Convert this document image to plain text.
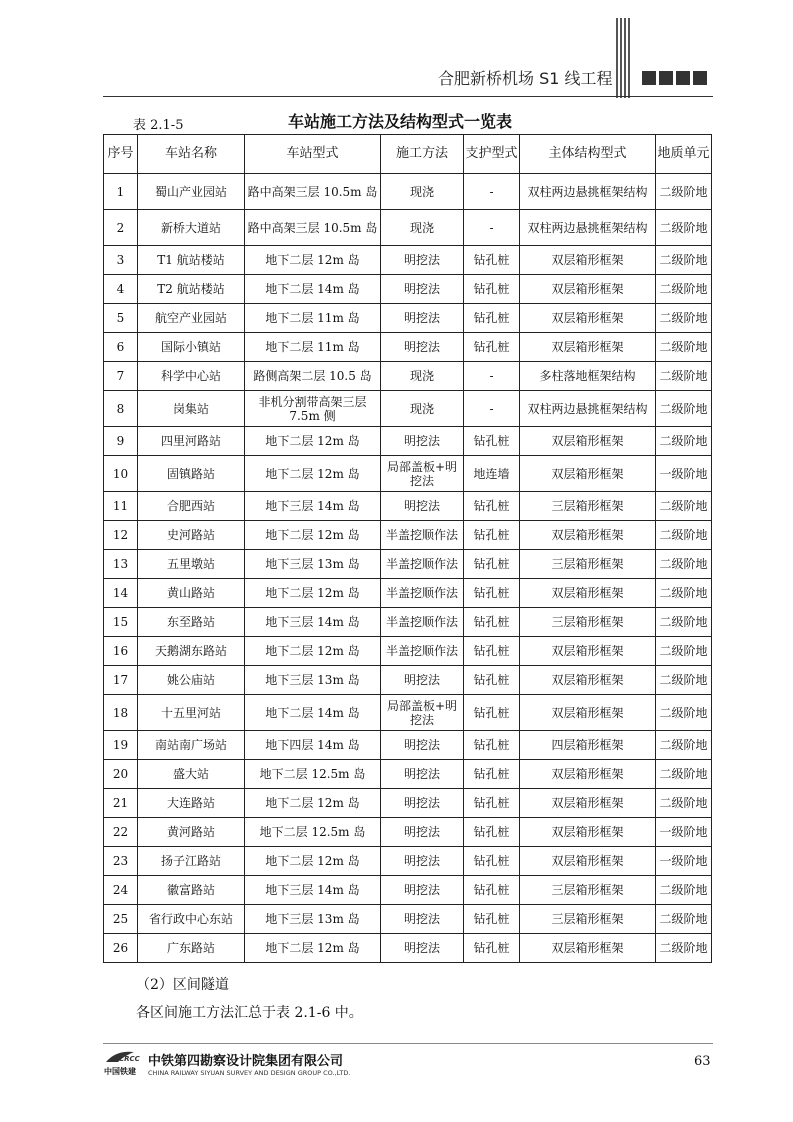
合肥新桥机场 S1 线工程
表 2.1-5	车站施工方法及结构型式一览表
序号	车站名称	车站型式	施工方法	支护型式	主体结构型式	地质单元
1	蜀山产业园站	路中高架三层 10.5m 岛	现浇	-	双柱两边悬挑框架结构	二级阶地
2	新桥大道站	路中高架三层 10.5m 岛	现浇	-	双柱两边悬挑框架结构	二级阶地
3	T1 航站楼站	地下二层 12m 岛	明挖法	钻孔桩	双层箱形框架	二级阶地
4	T2 航站楼站	地下二层 14m 岛	明挖法	钻孔桩	双层箱形框架	二级阶地
5	航空产业园站	地下二层 11m 岛	明挖法	钻孔桩	双层箱形框架	二级阶地
6	国际小镇站	地下二层 11m 岛	明挖法	钻孔桩	双层箱形框架	二级阶地
7	科学中心站	路侧高架二层 10.5 岛	现浇	-	多柱落地框架结构	二级阶地
8	岗集站	非机分割带高架三层 7.5m 侧	现浇	-	双柱两边悬挑框架结构	二级阶地
9	四里河路站	地下二层 12m 岛	明挖法	钻孔桩	双层箱形框架	二级阶地
10	固镇路站	地下二层 12m 岛	局部盖板+明挖法	地连墙	双层箱形框架	一级阶地
11	合肥西站	地下三层 14m 岛	明挖法	钻孔桩	三层箱形框架	二级阶地
12	史河路站	地下二层 12m 岛	半盖挖顺作法	钻孔桩	双层箱形框架	二级阶地
13	五里墩站	地下三层 13m 岛	半盖挖顺作法	钻孔桩	三层箱形框架	二级阶地
14	黄山路站	地下二层 12m 岛	半盖挖顺作法	钻孔桩	双层箱形框架	二级阶地
15	东至路站	地下三层 14m 岛	半盖挖顺作法	钻孔桩	三层箱形框架	二级阶地
16	天鹅湖东路站	地下二层 12m 岛	半盖挖顺作法	钻孔桩	双层箱形框架	二级阶地
17	姚公庙站	地下三层 13m 岛	明挖法	钻孔桩	双层箱形框架	二级阶地
18	十五里河站	地下二层 14m 岛	局部盖板+明挖法	钻孔桩	双层箱形框架	二级阶地
19	南站南广场站	地下四层 14m 岛	明挖法	钻孔桩	四层箱形框架	二级阶地
20	盛大站	地下二层 12.5m 岛	明挖法	钻孔桩	双层箱形框架	二级阶地
21	大连路站	地下二层 12m 岛	明挖法	钻孔桩	双层箱形框架	二级阶地
22	黄河路站	地下二层 12.5m 岛	明挖法	钻孔桩	双层箱形框架	一级阶地
23	扬子江路站	地下二层 12m 岛	明挖法	钻孔桩	双层箱形框架	一级阶地
24	徽富路站	地下三层 14m 岛	明挖法	钻孔桩	三层箱形框架	二级阶地
25	省行政中心东站	地下三层 13m 岛	明挖法	钻孔桩	三层箱形框架	二级阶地
26	广东路站	地下二层 12m 岛	明挖法	钻孔桩	双层箱形框架	二级阶地
（2）区间隧道
各区间施工方法汇总于表 2.1-6 中。
CRCC
中国铁建
中铁第四勘察设计院集团有限公司
CHINA RAILWAY SIYUAN SURVEY AND DESIGN GROUP CO.,LTD.
63
